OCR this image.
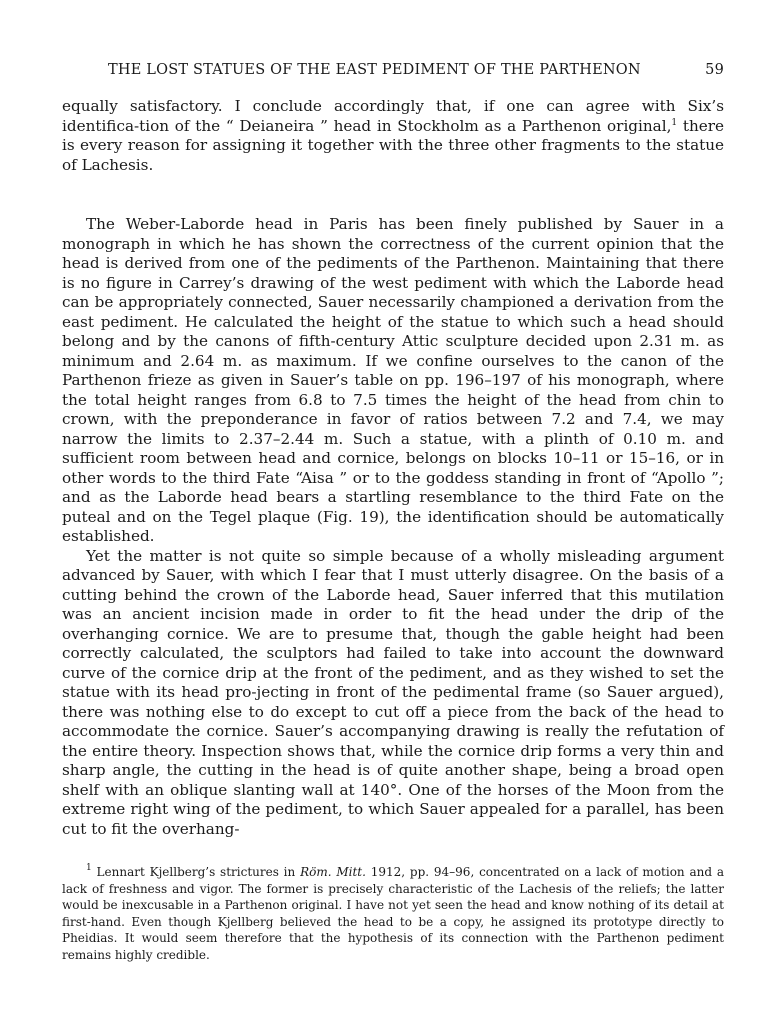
THE LOST STATUES OF THE EAST PEDIMENT OF THE PARTHENON	59

equally satisfactory. I conclude accordingly that, if one can agree with Six’s identifica-tion of the “ Deianeira ” head in Stockholm as a Parthenon original,$^1$ there is every reason for assigning it together with the three other fragments to the statue of Lachesis.

The Weber-Laborde head in Paris has been finely published by Sauer in a monograph in which he has shown the correctness of the current opinion that the head is derived from one of the pediments of the Parthenon. Maintaining that there is no figure in Carrey’s drawing of the west pediment with which the Laborde head can be appropriately connected, Sauer necessarily championed a derivation from the east pediment. He calculated the height of the statue to which such a head should belong and by the canons of fifth-century Attic sculpture decided upon 2.31 m. as minimum and 2.64 m. as maximum. If we confine ourselves to the canon of the Parthenon frieze as given in Sauer’s table on pp. 196–197 of his monograph, where the total height ranges from 6.8 to 7.5 times the height of the head from chin to crown, with the preponderance in favor of ratios between 7.2 and 7.4, we may narrow the limits to 2.37–2.44 m. Such a statue, with a plinth of 0.10 m. and sufficient room between head and cornice, belongs on blocks 10–11 or 15–16, or in other words to the third Fate “Aisa ” or to the goddess standing in front of “Apollo ”; and as the Laborde head bears a startling resemblance to the third Fate on the puteal and on the Tegel plaque (Fig. 19), the identification should be automatically established.

Yet the matter is not quite so simple because of a wholly misleading argument advanced by Sauer, with which I fear that I must utterly disagree. On the basis of a cutting behind the crown of the Laborde head, Sauer inferred that this mutilation was an ancient incision made in order to fit the head under the drip of the overhanging cornice. We are to presume that, though the gable height had been correctly calculated, the sculptors had failed to take into account the downward curve of the cornice drip at the front of the pediment, and as they wished to set the statue with its head pro-jecting in front of the pedimental frame (so Sauer argued), there was nothing else to do except to cut off a piece from the back of the head to accommodate the cornice. Sauer’s accompanying drawing is really the refutation of the entire theory. Inspection shows that, while the cornice drip forms a very thin and sharp angle, the cutting in the head is of quite another shape, being a broad open shelf with an oblique slanting wall at 140°. One of the horses of the Moon from the extreme right wing of the pediment, to which Sauer appealed for a parallel, has been cut to fit the overhang-

$^1$ Lennart Kjellberg’s strictures in Röm. Mitt. 1912, pp. 94–96, concentrated on a lack of motion and a lack of freshness and vigor. The former is precisely characteristic of the Lachesis of the reliefs; the latter would be inexcusable in a Parthenon original. I have not yet seen the head and know nothing of its detail at first-hand. Even though Kjellberg believed the head to be a copy, he assigned its prototype directly to Pheidias. It would seem therefore that the hypothesis of its connection with the Parthenon pediment remains highly credible.
